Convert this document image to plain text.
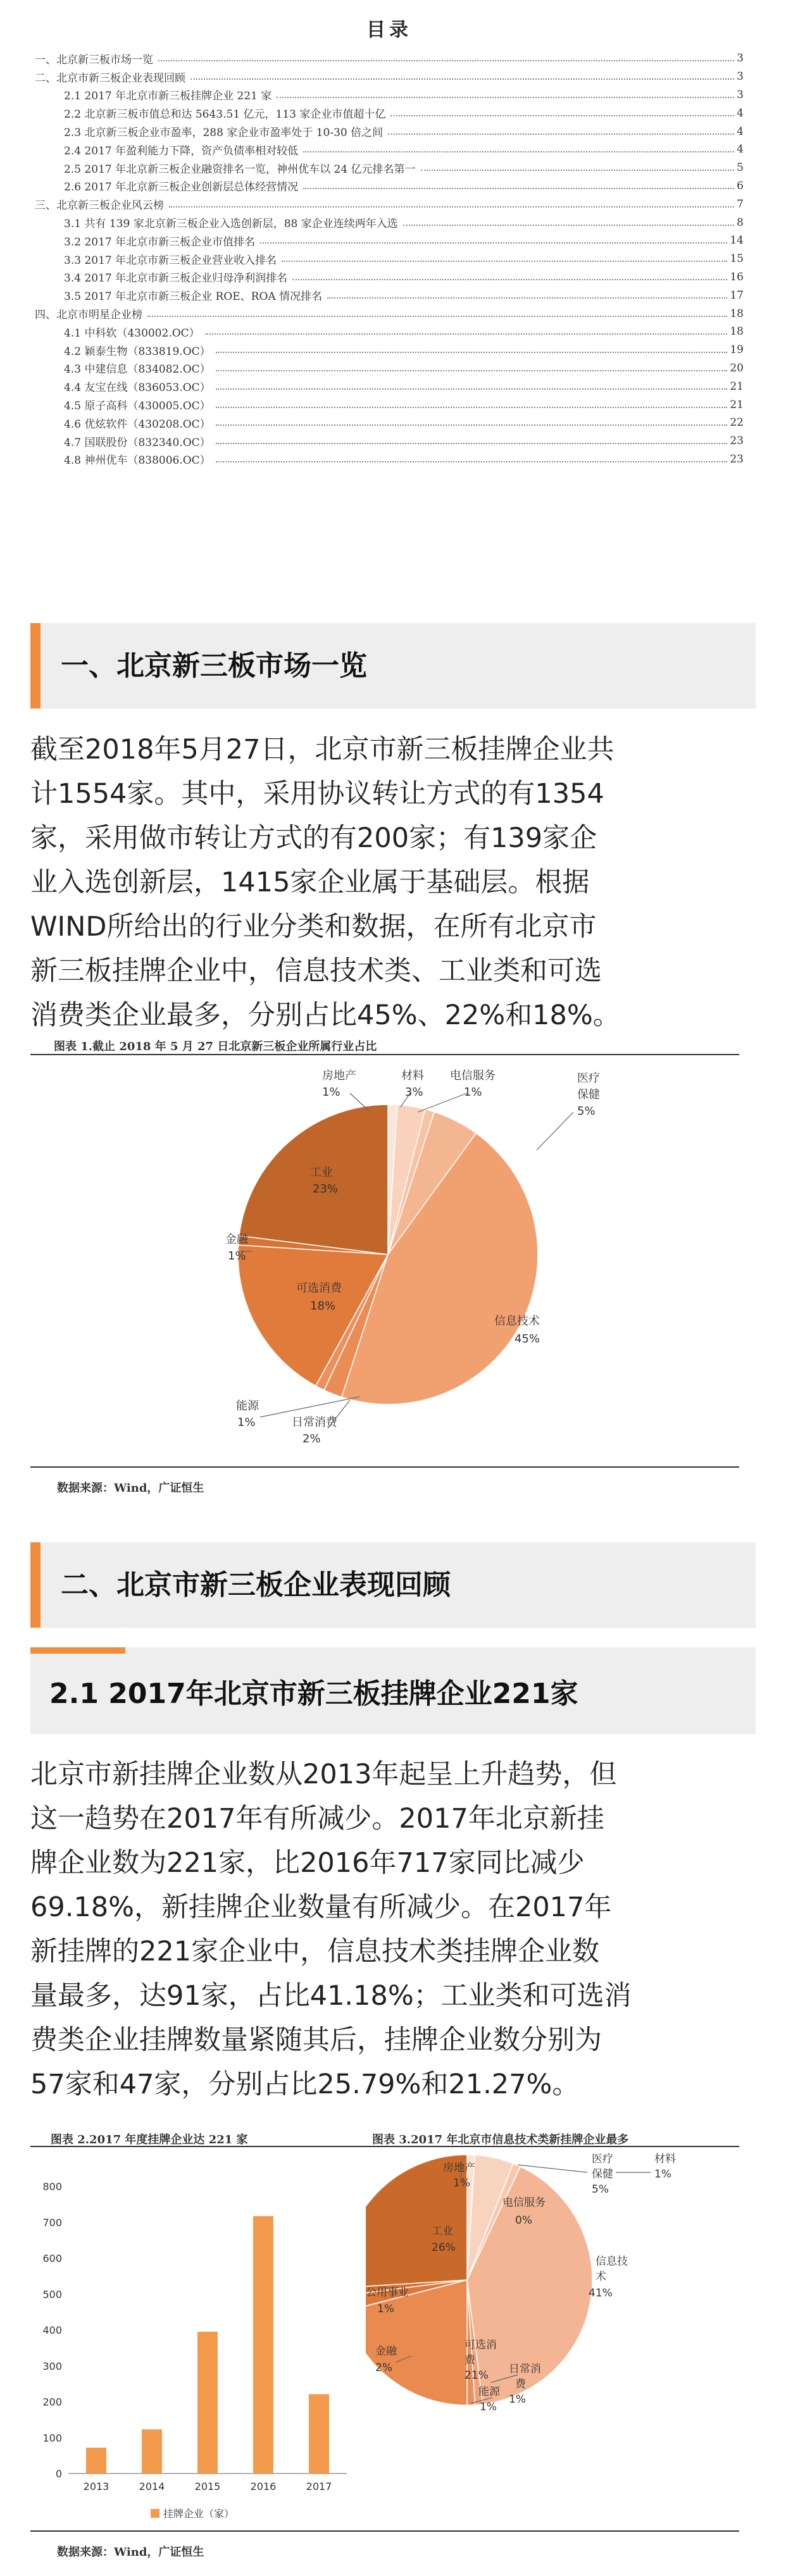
目录
一、北京新三板市场一览	3
二、北京市新三板企业表现回顾	3
2.1 2017 年北京市新三板挂牌企业 221 家	3
2.2 北京新三板市值总和达 5643.51 亿元，113 家企业市值超十亿	4
2.3 北京新三板企业市盈率，288 家企业市盈率处于 10-30 倍之间	4
2.4 2017 年盈利能力下降，资产负债率相对较低	4
2.5 2017 年北京新三板企业融资排名一览，神州优车以 24 亿元排名第一	5
2.6 2017 年北京新三板企业创新层总体经营情况	6
三、北京新三板企业风云榜	7
3.1 共有 139 家北京新三板企业入选创新层，88 家企业连续两年入选	8
3.2 2017 年北京市新三板企业市值排名	14
3.3 2017 年北京市新三板企业营业收入排名	15
3.4 2017 年北京市新三板企业归母净利润排名	16
3.5 2017 年北京市新三板企业 ROE、ROA 情况排名	17
四、北京市明星企业榜	18
4.1 中科软（430002.OC）	18
4.2 颖泰生物（833819.OC）	19
4.3 中建信息（834082.OC）	20
4.4 友宝在线（836053.OC）	21
4.5 原子高科（430005.OC）	21
4.6 优炫软件（430208.OC）	22
4.7 国联股份（832340.OC）	23
4.8 神州优车（838006.OC）	23
一、北京新三板市场一览
截至2018年5月27日，北京市新三板挂牌企业共
计1554家。其中，采用协议转让方式的有1354
家，采用做市转让方式的有200家；有139家企
业入选创新层，1415家企业属于基础层。根据
WIND所给出的行业分类和数据，在所有北京市
新三板挂牌企业中，信息技术类、工业类和可选
消费类企业最多，分别占比45%、22%和18%。
图表 1.截止 2018 年 5 月 27 日北京新三板企业所属行业占比
房地产
1%
材料
3%
电信服务
1%
医疗
保健
5%
信息技术
45%
日常消费
2%
能源
1%
可选消费
18%
金融
1%
工业
23%
数据来源：Wind，广证恒生
二、北京市新三板企业表现回顾
2.1 2017年北京市新三板挂牌企业221家
北京市新挂牌企业数从2013年起呈上升趋势，但
这一趋势在2017年有所减少。2017年北京新挂
牌企业数为221家，比2016年717家同比减少
69.18%，新挂牌企业数量有所减少。在2017年
新挂牌的221家企业中，信息技术类挂牌企业数
量最多，达91家，占比41.18%；工业类和可选消
费类企业挂牌数量紧随其后，挂牌企业数分别为
57家和47家，分别占比25.79%和21.27%。
图表 2.2017 年度挂牌企业达 221 家	图表 3.2017 年北京市信息技术类新挂牌企业最多
0
100
200
300
400
500
600
700
800
2013	2014	2015	2016	2017
挂牌企业（家）
房地产
1%
医疗
保健
5%
材料
1%
电信服务
0%
信息技
术
41%
日常消
费
1%
能源
1%
可选消
费
21%
金融
2%
公用事业
1%
工业
26%
数据来源：Wind，广证恒生
